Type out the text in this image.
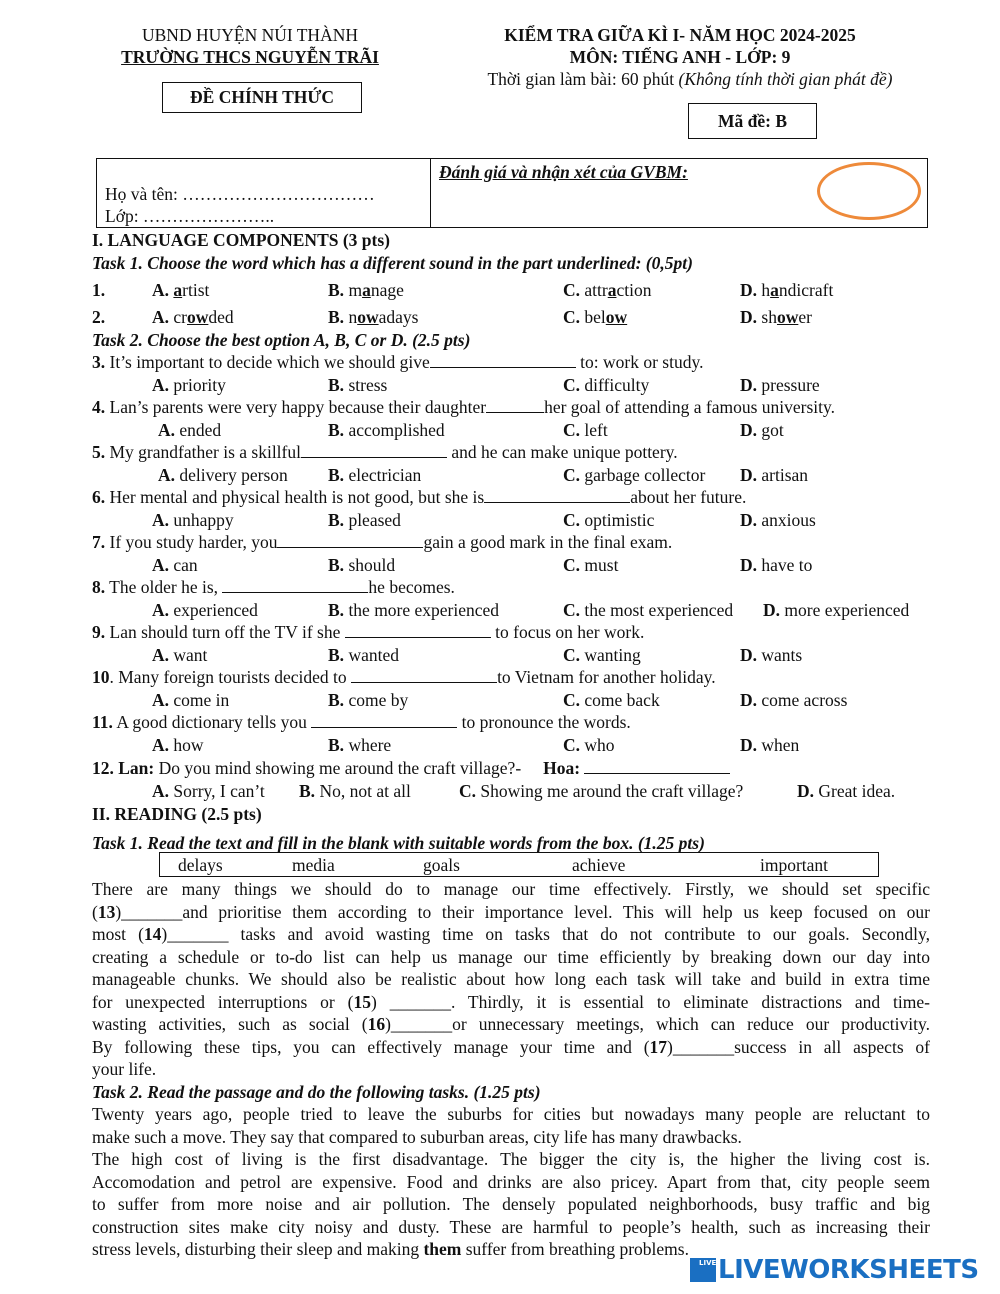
UBND HUYỆN NÚI THÀNH
TRƯỜNG THCS NGUYỄN TRÃI
ĐỀ CHÍNH THỨC
KIỂM TRA GIỮA KÌ I- NĂM HỌC 2024-2025
MÔN: TIẾNG ANH - LỚP: 9
Thời gian làm bài: 60 phút (Không tính thời gian phát đề)
Mã đề: B
Họ và tên: ……………………………
Lớp: …………………..
Đánh giá và nhận xét của GVBM:
I. LANGUAGE COMPONENTS (3 pts)
Task 1. Choose the word which has a different sound in the part underlined: (0,5pt)
1.	A. artist	B. manage	C. attraction	D. handicraft
2.	A. crowded	B. nowadays	C. below	D. shower
Task 2. Choose the best option A, B, C or D. (2.5 pts)
3. It’s important to decide which we should give	to: work or study.
A. priority	B. stress	C. difficulty	D. pressure
4. Lan’s parents were very happy because their daughter	her goal of attending a famous university.
A. ended	B. accomplished	C. left	D. got
5. My grandfather is a skillful	and he can make unique pottery.
A. delivery person B. electrician	C. garbage collector D. artisan
6. Her mental and physical health is not good, but she is	about her future.
A. unhappy	B. pleased	C. optimistic	D. anxious
7. If you study harder, you	gain a good mark in the final exam.
A. can	B. should	C. must	D. have to
8. The older he is,	he becomes.
A. experienced	B. the more experienced	C. the most experienced D. more experienced
9. Lan should turn off the TV if she	to focus on her work.
A. want	B. wanted	C. wanting	D. wants
10. Many foreign tourists decided to	to Vietnam for another holiday.
A. come in	B. come by	C. come back	D. come across
11. A good dictionary tells you	to pronounce the words.
A. how	B. where	C. who	D. when
12. Lan: Do you mind showing me around the craft village?- Hoa:
A. Sorry, I can’t B. No, not at all	C. Showing me around the craft village?	D. Great idea.
II. READING (2.5 pts)
Task 1. Read the text and fill in the blank with suitable words from the box. (1.25 pts)
delays	media	goals	achieve	important
There are many things we should do to manage our time effectively. Firstly, we should set specific
(13)_______and prioritise them according to their importance level. This will help us keep focused on our
most (14)_______ tasks and avoid wasting time on tasks that do not contribute to our goals. Secondly,
creating a schedule or to-do list can help us manage our time efficiently by breaking down our day into
manageable chunks. We should also be realistic about how long each task will take and build in extra time
for unexpected interruptions or (15) _______. Thirdly, it is essential to eliminate distractions and time-
wasting activities, such as social (16)_______or unnecessary meetings, which can reduce our productivity.
By following these tips, you can effectively manage your time and (17)_______success in all aspects of
your life.
Task 2. Read the passage and do the following tasks. (1.25 pts)
Twenty years ago, people tried to leave the suburbs for cities but nowadays many people are reluctant to
make such a move. They say that compared to suburban areas, city life has many drawbacks.
The high cost of living is the first disadvantage. The bigger the city is, the higher the living cost is.
Accomodation and petrol are expensive. Food and drinks are also pricey. Apart from that, city people seem
to suffer from more noise and air pollution. The densely populated neighborhoods, busy traffic and big
construction sites make city noisy and dusty. These are harmful to people’s health, such as increasing their
stress levels, disturbing their sleep and making them suffer from breathing problems.
LIVE LIVEWORKSHEETS
